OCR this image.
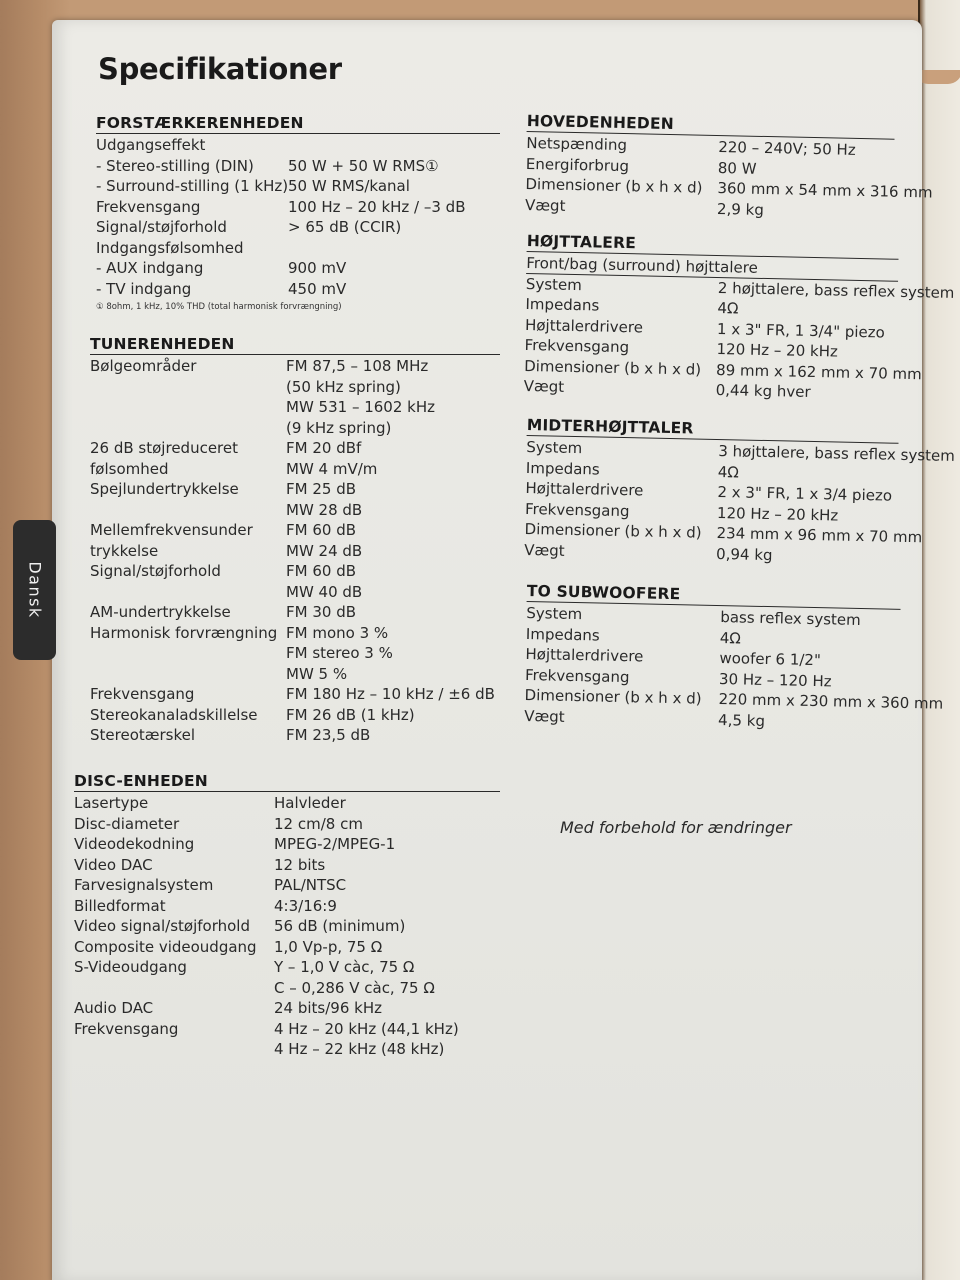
Specifikationer
Dansk
FORSTÆRKERENHEDEN
Udgangseffekt
- Stereo-stilling (DIN) 50 W + 50 W RMS①
- Surround-stilling (1 kHz) 50 W RMS/kanal
Frekvensgang	100 Hz – 20 kHz / –3 dB
Signal/støjforhold	> 65 dB (CCIR)
Indgangsfølsomhed
- AUX indgang	900 mV
- TV indgang	450 mV
① 8ohm, 1 kHz, 10% THD (total harmonisk forvrængning)
TUNERENHEDEN
Bølgeområder	FM 87,5 – 108 MHz
(50 kHz spring)
MW 531 – 1602 kHz
(9 kHz spring)
26 dB støjreduceret	FM 20 dBf
følsomhed	MW 4 mV/m
Spejlundertrykkelse	FM 25 dB
MW 28 dB
Mellemfrekvensunder FM 60 dB
trykkelse	MW 24 dB
Signal/støjforhold	FM 60 dB
MW 40 dB
AM-undertrykkelse	FM 30 dB
Harmonisk forvrængning FM mono 3 %
FM stereo 3 %
MW 5 %
Frekvensgang	FM 180 Hz – 10 kHz / ±6 dB
Stereokanaladskillelse FM 26 dB (1 kHz)
Stereotærskel	FM 23,5 dB
DISC-ENHEDEN
Lasertype	Halvleder
Disc-diameter	12 cm/8 cm
Videodekodning	MPEG-2/MPEG-1
Video DAC	12 bits
Farvesignalsystem	PAL/NTSC
Billedformat	4:3/16:9
Video signal/støjforhold 56 dB (minimum)
Composite videoudgang 1,0 Vp-p, 75 Ω
S-Videoudgang	Y – 1,0 V càc, 75 Ω
C – 0,286 V càc, 75 Ω
Audio DAC	24 bits/96 kHz
Frekvensgang	4 Hz – 20 kHz (44,1 kHz)
4 Hz – 22 kHz (48 kHz)
HOVEDENHEDEN
Netspænding	220 – 240V; 50 Hz
Energiforbrug	80 W
Dimensioner (b x h x d) 360 mm x 54 mm x 316 mm
Vægt	2,9 kg
HØJTTALERE
Front/bag (surround) højttalere
System	2 højttalere, bass reflex system
Impedans	4Ω
Højttalerdrivere	1 x 3" FR, 1 3/4" piezo
Frekvensgang	120 Hz – 20 kHz
Dimensioner (b x h x d) 89 mm x 162 mm x 70 mm
Vægt	0,44 kg hver
MIDTERHØJTTALER
System	3 højttalere, bass reflex system
Impedans	4Ω
Højttalerdrivere	2 x 3" FR, 1 x 3/4 piezo
Frekvensgang	120 Hz – 20 kHz
Dimensioner (b x h x d) 234 mm x 96 mm x 70 mm
Vægt	0,94 kg
TO SUBWOOFERE
System	bass reflex system
Impedans	4Ω
Højttalerdrivere	woofer 6 1/2"
Frekvensgang	30 Hz – 120 Hz
Dimensioner (b x h x d) 220 mm x 230 mm x 360 mm
Vægt	4,5 kg
Med forbehold for ændringer
